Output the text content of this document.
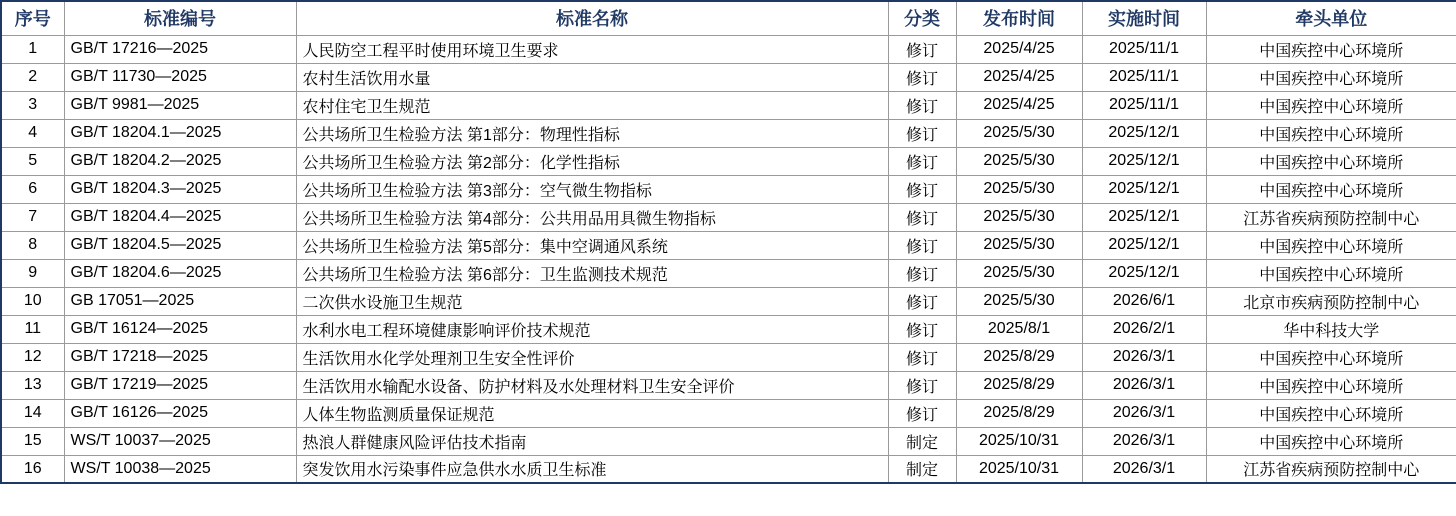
序号	标准编号	标准名称	分类	发布时间	实施时间	牵头单位
1	GB/T 17216—2025	人民防空工程平时使用环境卫生要求	修订	2025/4/25	2025/11/1	中国疾控中心环境所
2	GB/T 11730—2025	农村生活饮用水量	修订	2025/4/25	2025/11/1	中国疾控中心环境所
3	GB/T 9981—2025	农村住宅卫生规范	修订	2025/4/25	2025/11/1	中国疾控中心环境所
4	GB/T 18204.1—2025	公共场所卫生检验方法 第1部分：物理性指标	修订	2025/5/30	2025/12/1	中国疾控中心环境所
5	GB/T 18204.2—2025	公共场所卫生检验方法 第2部分：化学性指标	修订	2025/5/30	2025/12/1	中国疾控中心环境所
6	GB/T 18204.3—2025	公共场所卫生检验方法 第3部分：空气微生物指标	修订	2025/5/30	2025/12/1	中国疾控中心环境所
7	GB/T 18204.4—2025	公共场所卫生检验方法 第4部分：公共用品用具微生物指标	修订	2025/5/30	2025/12/1	江苏省疾病预防控制中心
8	GB/T 18204.5—2025	公共场所卫生检验方法 第5部分：集中空调通风系统	修订	2025/5/30	2025/12/1	中国疾控中心环境所
9	GB/T 18204.6—2025	公共场所卫生检验方法 第6部分：卫生监测技术规范	修订	2025/5/30	2025/12/1	中国疾控中心环境所
10	GB 17051—2025	二次供水设施卫生规范	修订	2025/5/30	2026/6/1	北京市疾病预防控制中心
11	GB/T 16124—2025	水利水电工程环境健康影响评价技术规范	修订	2025/8/1	2026/2/1	华中科技大学
12	GB/T 17218—2025	生活饮用水化学处理剂卫生安全性评价	修订	2025/8/29	2026/3/1	中国疾控中心环境所
13	GB/T 17219—2025	生活饮用水输配水设备、防护材料及水处理材料卫生安全评价	修订	2025/8/29	2026/3/1	中国疾控中心环境所
14	GB/T 16126—2025	人体生物监测质量保证规范	修订	2025/8/29	2026/3/1	中国疾控中心环境所
15	WS/T 10037—2025	热浪人群健康风险评估技术指南	制定	2025/10/31	2026/3/1	中国疾控中心环境所
16	WS/T 10038—2025	突发饮用水污染事件应急供水水质卫生标准	制定	2025/10/31	2026/3/1	江苏省疾病预防控制中心
